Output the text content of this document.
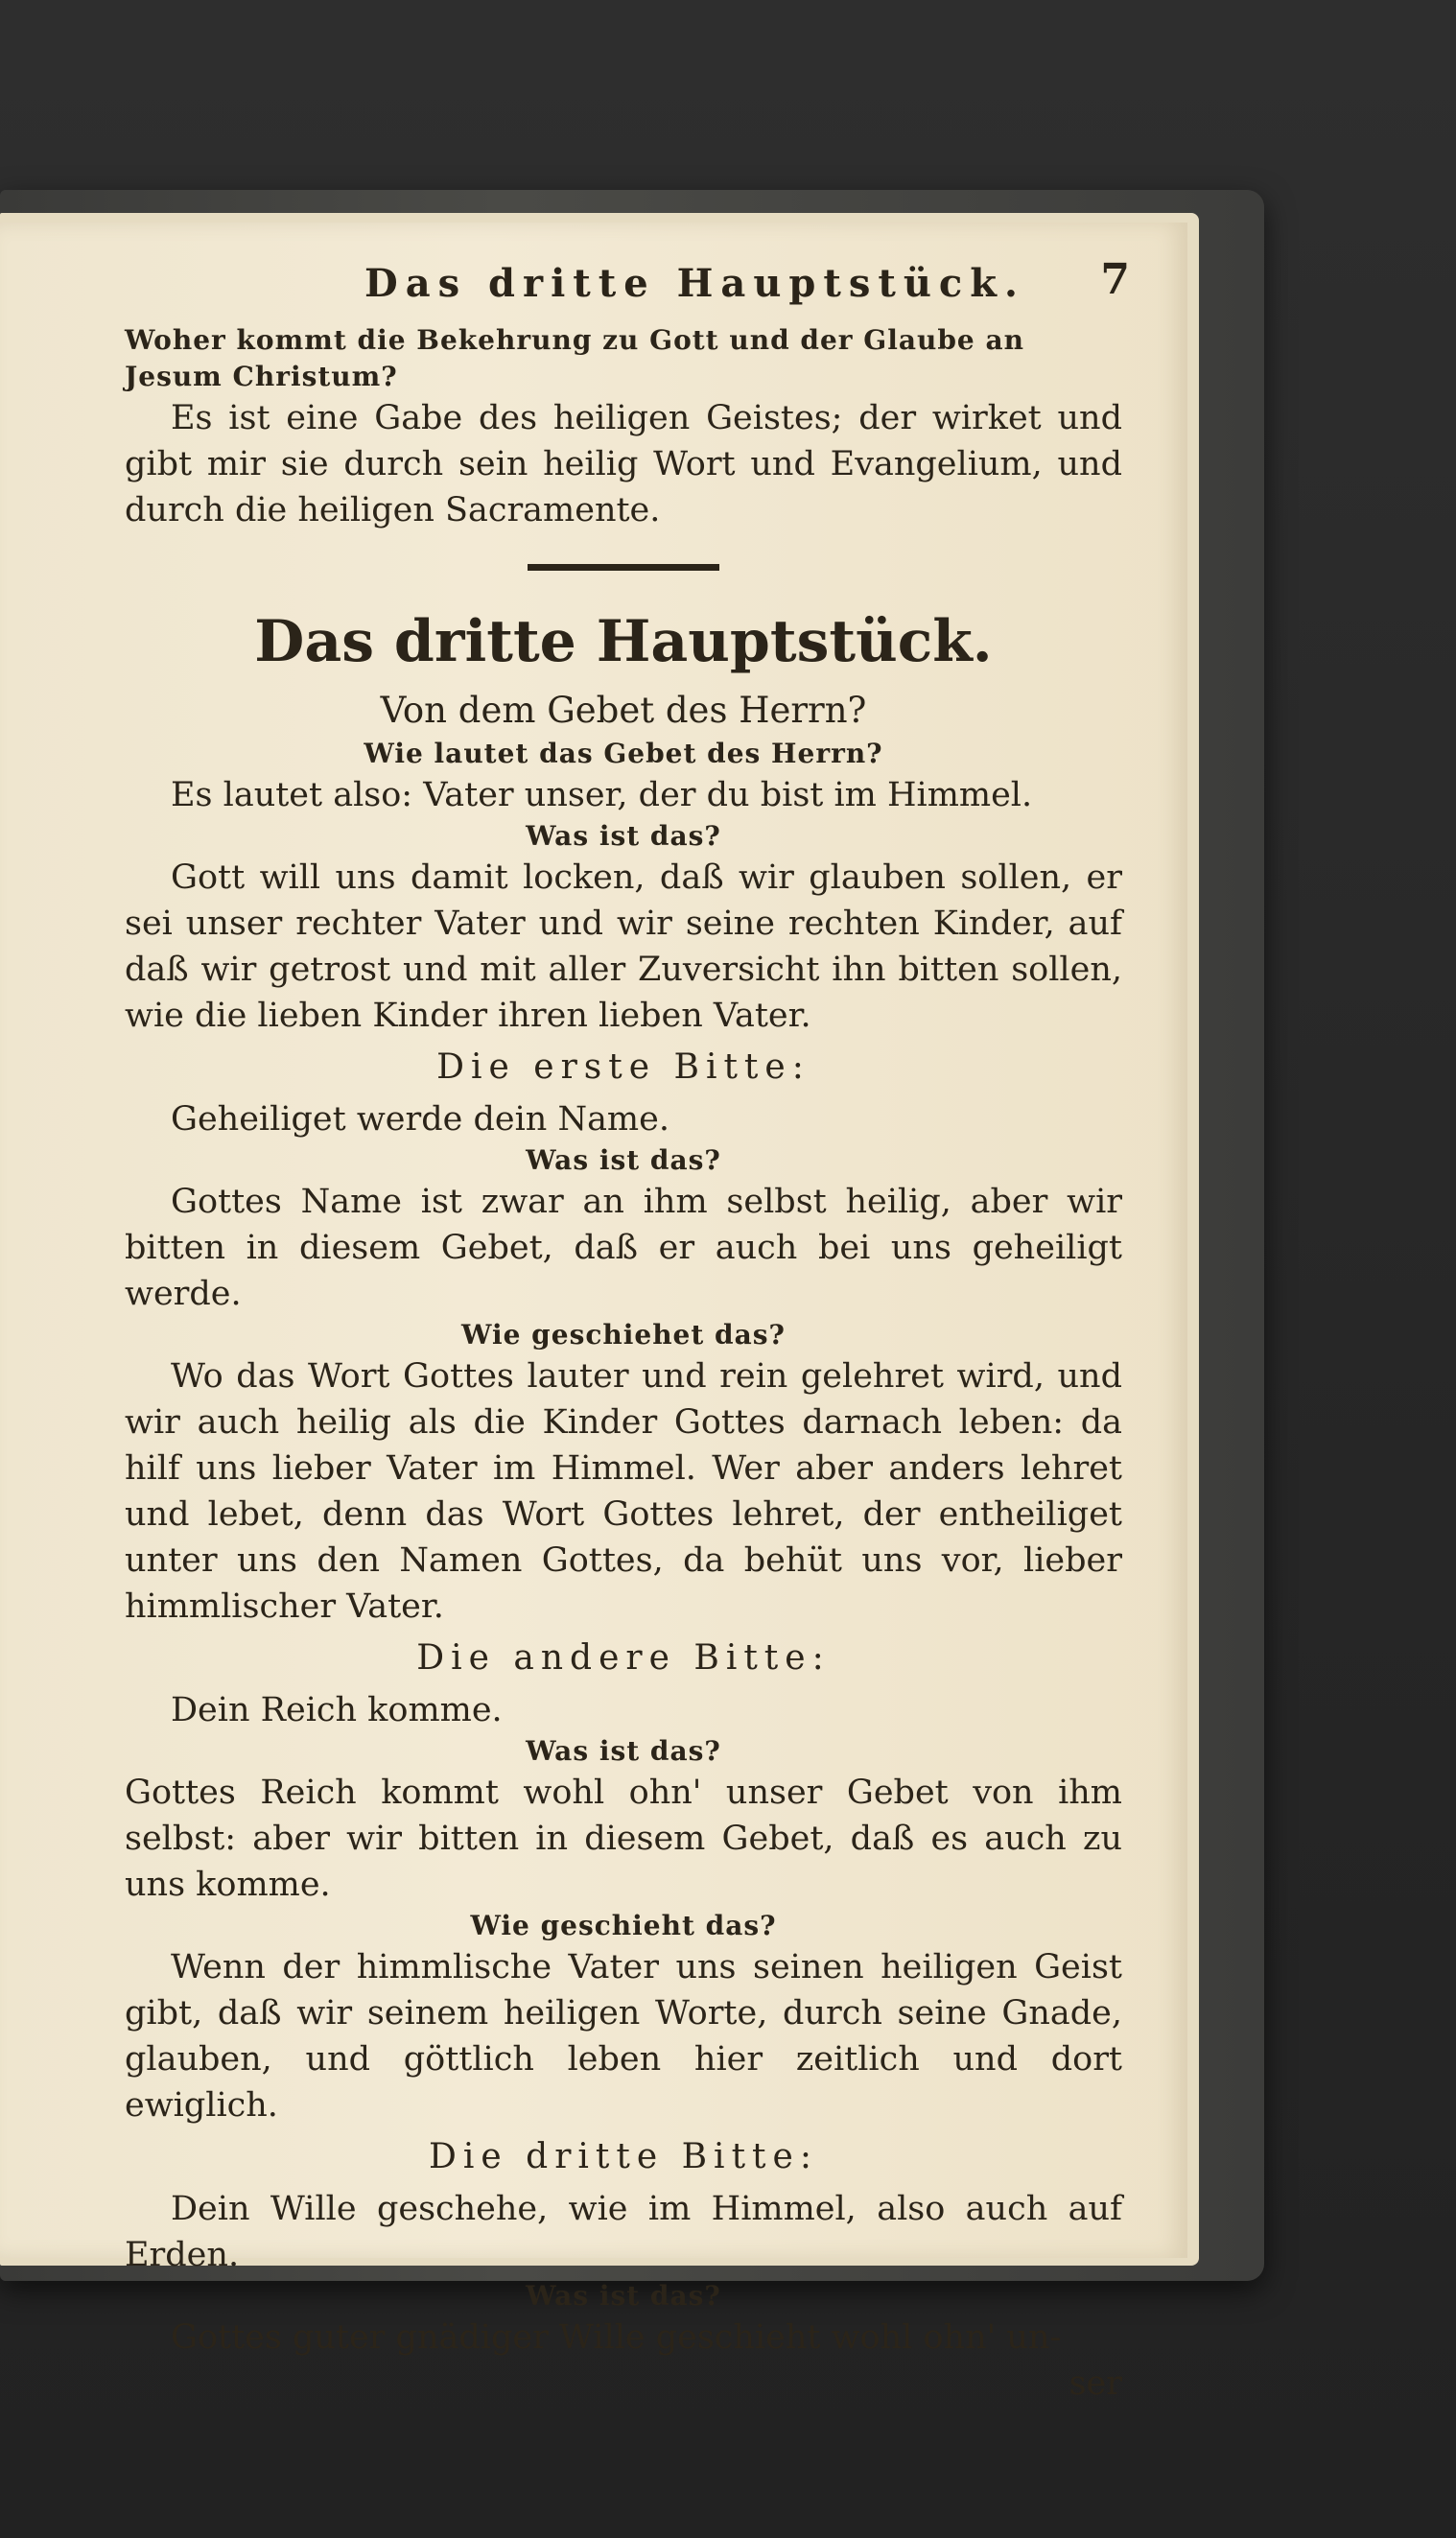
Das dritte Hauptstück. 7
Woher kommt die Bekehrung zu Gott und der Glaube an Jesum Christum?
Es ist eine Gabe des heiligen Geistes; der wirket und gibt mir sie durch sein heilig Wort und Evangelium, und durch die heiligen Sacramente.
Das dritte Hauptstück.
Von dem Gebet des Herrn?
Wie lautet das Gebet des Herrn?
Es lautet also: Vater unser, der du bist im Himmel.
Was ist das?
Gott will uns damit locken, daß wir glauben sollen, er sei unser rechter Vater und wir seine rechten Kinder, auf daß wir getrost und mit aller Zuversicht ihn bitten sollen, wie die lieben Kinder ihren lieben Vater.
Die erste Bitte:
Geheiliget werde dein Name.
Was ist das?
Gottes Name ist zwar an ihm selbst heilig, aber wir bitten in diesem Gebet, daß er auch bei uns geheiligt werde.
Wie geschiehet das?
Wo das Wort Gottes lauter und rein gelehret wird, und wir auch heilig als die Kinder Gottes darnach leben: da hilf uns lieber Vater im Himmel. Wer aber anders lehret und lebet, denn das Wort Gottes lehret, der entheiliget unter uns den Namen Gottes, da behüt uns vor, lieber himmlischer Vater.
Die andere Bitte:
Dein Reich komme.
Was ist das?
Gottes Reich kommt wohl ohn' unser Gebet von ihm selbst: aber wir bitten in diesem Gebet, daß es auch zu uns komme.
Wie geschieht das?
Wenn der himmlische Vater uns seinen heiligen Geist gibt, daß wir seinem heiligen Worte, durch seine Gnade, glauben, und göttlich leben hier zeitlich und dort ewiglich.
Die dritte Bitte:
Dein Wille geschehe, wie im Himmel, also auch auf Erden.
Was ist das?
Gottes guter gnädiger Wille geschieht wohl ohn' un-
ser
